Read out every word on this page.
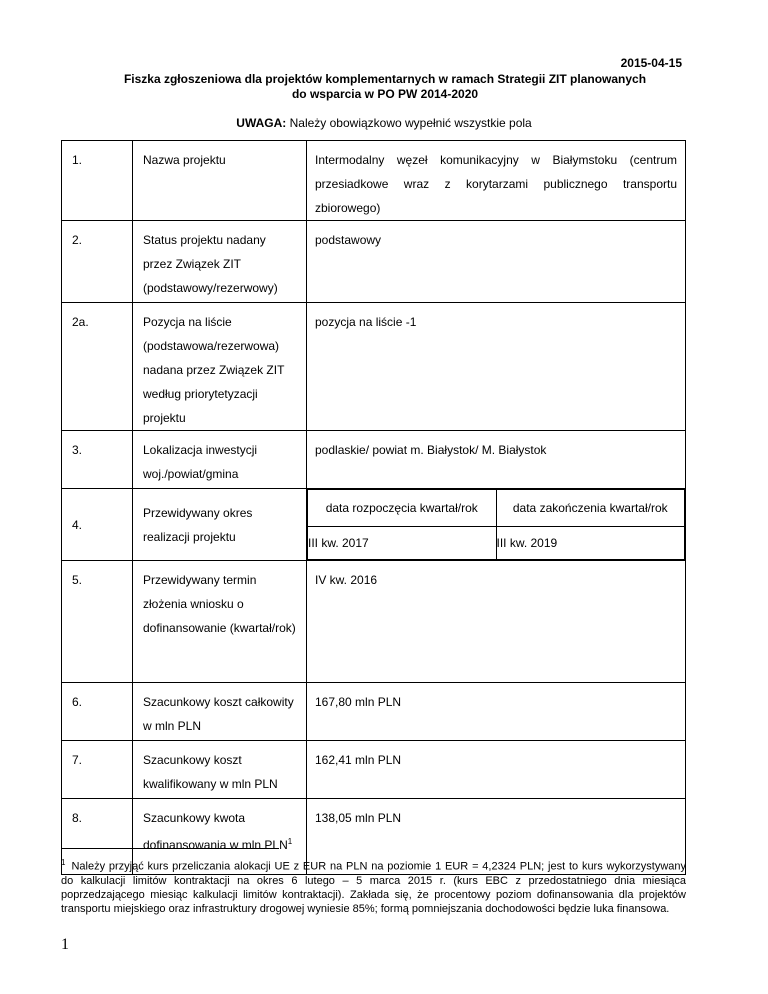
2015-04-15
Fiszka zgłoszeniowa dla projektów komplementarnych w ramach Strategii ZIT planowanych
do wsparcia w PO PW 2014-2020
UWAGA: Należy obowiązkowo wypełnić wszystkie pola
1.	Nazwa projektu	Intermodalny węzeł komunikacyjny w Białymstoku (centrum przesiadkowe wraz z korytarzami publicznego transportu zbiorowego)
2.	Status projektu nadany przez Związek ZIT (podstawowy/rezerwowy)	podstawowy
2a.	Pozycja na liście (podstawowa/rezerwowa) nadana przez Związek ZIT według priorytetyzacji projektu	pozycja na liście -1
3.	Lokalizacja inwestycji woj./powiat/gmina	podlaskie/ powiat m. Białystok/ M. Białystok
4.	Przewidywany okres realizacji projektu	
data rozpoczęcia kwartał/rok	data zakończenia kwartał/rok
III kw. 2017	III kw. 2019

5.	Przewidywany termin złożenia wniosku o dofinansowanie (kwartał/rok)	IV kw. 2016
6.	Szacunkowy koszt całkowity w mln PLN	167,80 mln PLN
7.	Szacunkowy koszt kwalifikowany w mln PLN	162,41 mln PLN
8.	Szacunkowy kwota dofinansowania w mln PLN$^1$	138,05 mln PLN
$^1$ Należy przyjąć kurs przeliczania alokacji UE z EUR na PLN na poziomie 1 EUR = 4,2324 PLN; jest to kurs wykorzystywany do kalkulacji limitów kontraktacji na okres 6 lutego – 5 marca 2015 r. (kurs EBC z przedostatniego dnia miesiąca poprzedzającego miesiąc kalkulacji limitów kontraktacji). Zakłada się, że procentowy poziom dofinansowania dla projektów transportu miejskiego oraz infrastruktury drogowej wyniesie 85%; formą pomniejszania dochodowości będzie luka finansowa.
1
